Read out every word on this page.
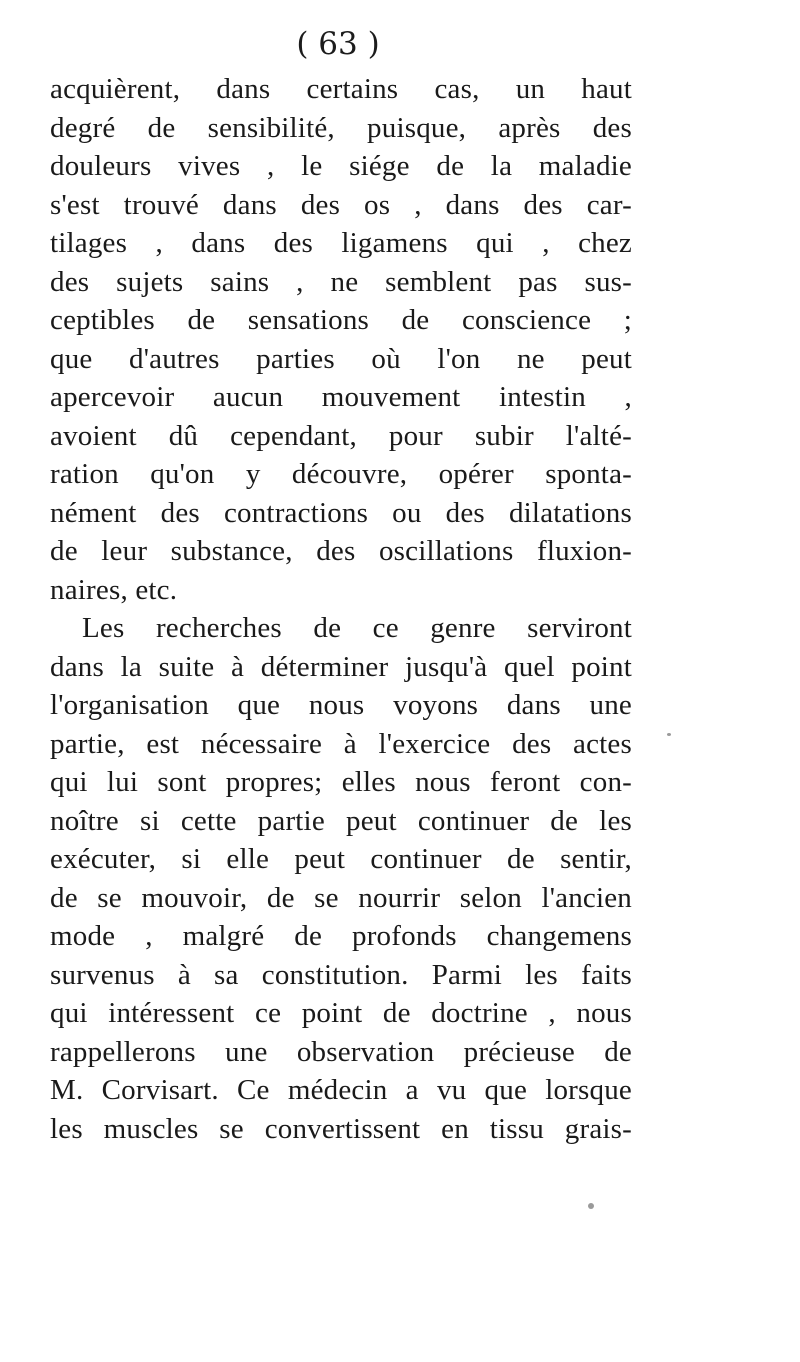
( 63 )
acquièrent, dans certains cas, un haut
degré de sensibilité, puisque, après des
douleurs vives , le siége de la maladie
s'est trouvé dans des os , dans des car-
tilages , dans des ligamens qui , chez
des sujets sains , ne semblent pas sus-
ceptibles de sensations de conscience ;
que d'autres parties où l'on ne peut
apercevoir aucun mouvement intestin ,
avoient dû cependant, pour subir l'alté-
ration qu'on y découvre, opérer sponta-
nément des contractions ou des dilatations
de leur substance, des oscillations fluxion-
naires, etc.
Les recherches de ce genre serviront
dans la suite à déterminer jusqu'à quel point
l'organisation que nous voyons dans une
partie, est nécessaire à l'exercice des actes
qui lui sont propres; elles nous feront con-
noître si cette partie peut continuer de les
exécuter, si elle peut continuer de sentir,
de se mouvoir, de se nourrir selon l'ancien
mode , malgré de profonds changemens
survenus à sa constitution. Parmi les faits
qui intéressent ce point de doctrine , nous
rappellerons une observation précieuse de
M. Corvisart. Ce médecin a vu que lorsque
les muscles se convertissent en tissu grais-
